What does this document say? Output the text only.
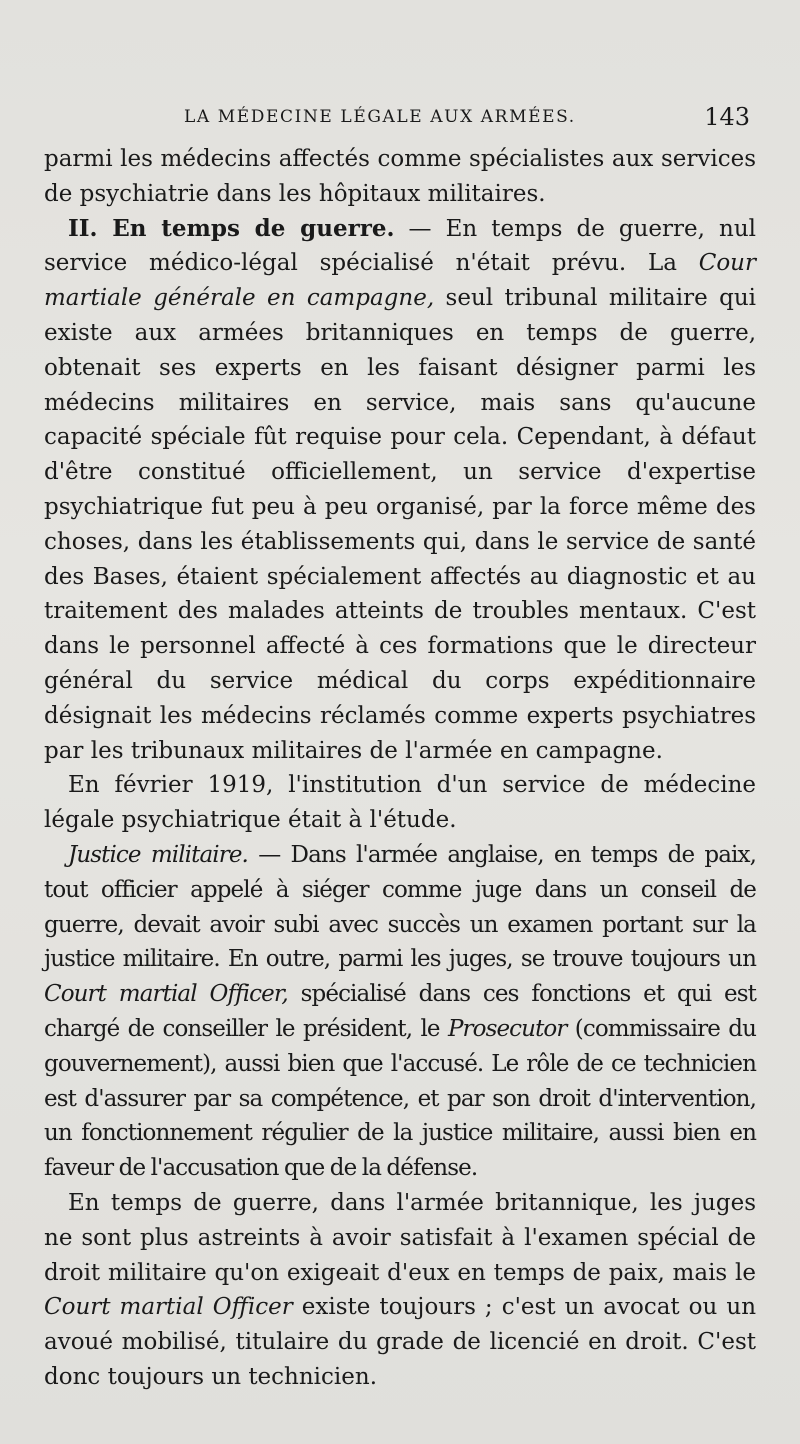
LA MÉDECINE LÉGALE AUX ARMÉES.	143

parmi les médecins affectés comme spécialistes aux services de psychiatrie dans les hôpitaux militaires.

II. En temps de guerre. — En temps de guerre, nul service médico-légal spécialisé n'était prévu. La Cour martiale générale en campagne, seul tribunal militaire qui existe aux armées britanniques en temps de guerre, obtenait ses experts en les faisant désigner parmi les médecins militaires en service, mais sans qu'aucune capacité spéciale fût requise pour cela. Cependant, à défaut d'être constitué officiellement, un service d'expertise psychiatrique fut peu à peu organisé, par la force même des choses, dans les établissements qui, dans le service de santé des Bases, étaient spécialement affectés au diagnostic et au traitement des malades atteints de troubles mentaux. C'est dans le personnel affecté à ces formations que le directeur général du service médical du corps expéditionnaire désignait les médecins réclamés comme experts psychiatres par les tribunaux militaires de l'armée en campagne.

En février 1919, l'institution d'un service de médecine légale psychiatrique était à l'étude.

Justice militaire. — Dans l'armée anglaise, en temps de paix, tout officier appelé à siéger comme juge dans un conseil de guerre, devait avoir subi avec succès un examen portant sur la justice militaire. En outre, parmi les juges, se trouve toujours un Court martial Officer, spécialisé dans ces fonctions et qui est chargé de conseiller le président, le Prosecutor (commissaire du gouvernement), aussi bien que l'accusé. Le rôle de ce technicien est d'assurer par sa compétence, et par son droit d'intervention, un fonctionnement régulier de la justice militaire, aussi bien en faveur de l'accusation que de la défense.

En temps de guerre, dans l'armée britannique, les juges ne sont plus astreints à avoir satisfait à l'examen spécial de droit militaire qu'on exigeait d'eux en temps de paix, mais le Court martial Officer existe toujours ; c'est un avocat ou un avoué mobilisé, titulaire du grade de licencié en droit. C'est donc toujours un technicien.
